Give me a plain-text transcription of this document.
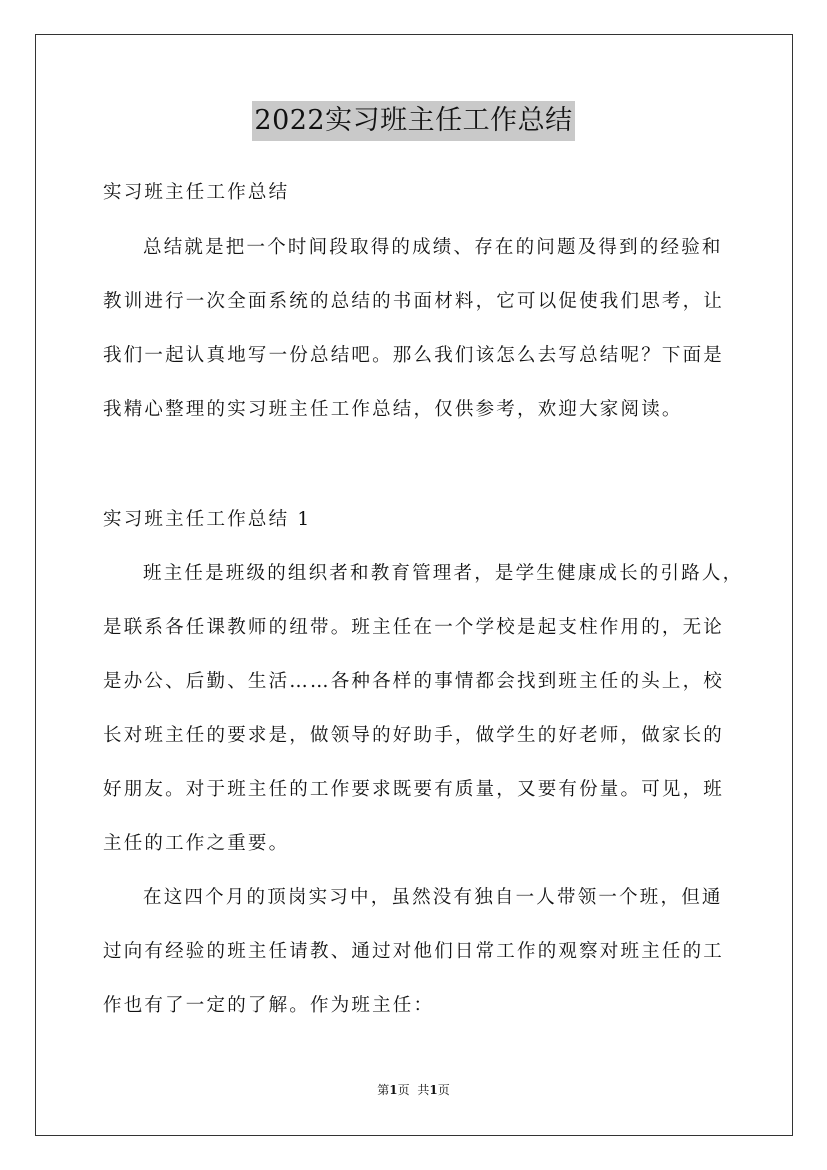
2022实习班主任工作总结
实习班主任工作总结
总结就是把一个时间段取得的成绩、存在的问题及得到的经验和
教训进行一次全面系统的总结的书面材料，它可以促使我们思考，让
我们一起认真地写一份总结吧。那么我们该怎么去写总结呢？下面是
我精心整理的实习班主任工作总结，仅供参考，欢迎大家阅读。
实习班主任工作总结 1
班主任是班级的组织者和教育管理者，是学生健康成长的引路人，
是联系各任课教师的纽带。班主任在一个学校是起支柱作用的，无论
是办公、后勤、生活……各种各样的事情都会找到班主任的头上，校
长对班主任的要求是，做领导的好助手，做学生的好老师，做家长的
好朋友。对于班主任的工作要求既要有质量，又要有份量。可见，班
主任的工作之重要。
在这四个月的顶岗实习中，虽然没有独自一人带领一个班，但通
过向有经验的班主任请教、通过对他们日常工作的观察对班主任的工
作也有了一定的了解。作为班主任：
第1页 共1页
